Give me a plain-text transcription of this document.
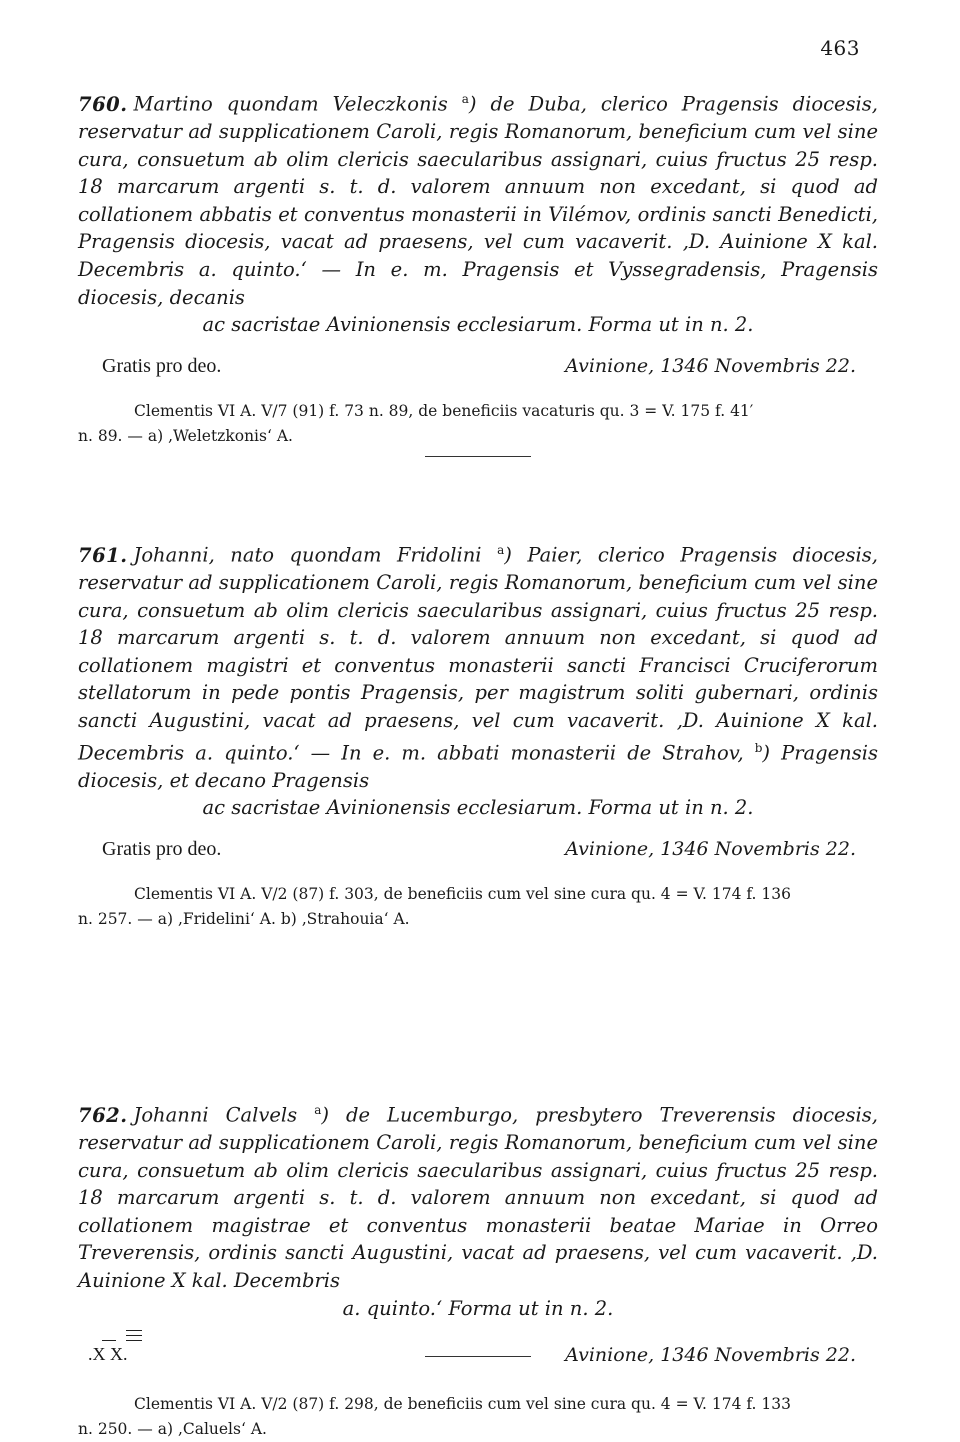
463

760. Martino quondam Veleczkonis $^a$) de Duba, clerico Pragensis diocesis, reservatur ad supplicationem Caroli, regis Romanorum, beneficium cum vel sine cura, consuetum ab olim clericis saecularibus assignari, cuius fructus 25 resp. 18 marcarum argenti s. t. d. valorem annuum non excedant, si quod ad collationem abbatis et conventus monasterii in Vilémov, ordinis sancti Benedicti, Pragensis diocesis, vacat ad praesens, vel cum vacaverit. ‚D. Auinione X kal. Decembris a. quinto.‘ — In e. m. Pragensis et Vyssegradensis, Pragensis diocesis, decanis

ac sacristae Avinionensis ecclesiarum. Forma ut in n. 2.

Gratis pro deo.	Avinione, 1346 Novembris 22.

Clementis VI A. V/7 (91) f. 73 n. 89, de beneficiis vacaturis qu. 3 = V. 175 f. 41′

n. 89. — a) ‚Weletzkonis‘ A.

761. Johanni, nato quondam Fridolini $^a$) Paier, clerico Pragensis diocesis, reservatur ad supplicationem Caroli, regis Romanorum, beneficium cum vel sine cura, consuetum ab olim clericis saecularibus assignari, cuius fructus 25 resp. 18 marcarum argenti s. t. d. valorem annuum non excedant, si quod ad collationem magistri et conventus monasterii sancti Francisci Cruciferorum stellatorum in pede pontis Pragensis, per magistrum soliti gubernari, ordinis sancti Augustini, vacat ad praesens, vel cum vacaverit. ‚D. Auinione X kal. Decembris a. quinto.‘ — In e. m. abbati monasterii de Strahov, $^b$) Pragensis diocesis, et decano Pragensis

ac sacristae Avinionensis ecclesiarum. Forma ut in n. 2.

Gratis pro deo.	Avinione, 1346 Novembris 22.

Clementis VI A. V/2 (87) f. 303, de beneficiis cum vel sine cura qu. 4 = V. 174 f. 136

n. 257. — a) ‚Fridelini‘ A. b) ‚Strahouia‘ A.

762. Johanni Calvels $^a$) de Lucemburgo, presbytero Treverensis diocesis, reservatur ad supplicationem Caroli, regis Romanorum, beneficium cum vel sine cura, consuetum ab olim clericis saecularibus assignari, cuius fructus 25 resp. 18 marcarum argenti s. t. d. valorem annuum non excedant, si quod ad collationem magistrae et conventus monasterii beatae Mariae in Orreo Treverensis, ordinis sancti Augustini, vacat ad praesens, vel cum vacaverit. ‚D. Auinione X kal. Decembris

a. quinto.‘ Forma ut in n. 2.

.X X.	Avinione, 1346 Novembris 22.

Clementis VI A. V/2 (87) f. 298, de beneficiis cum vel sine cura qu. 4 = V. 174 f. 133

n. 250. — a) ‚Caluels‘ A.
